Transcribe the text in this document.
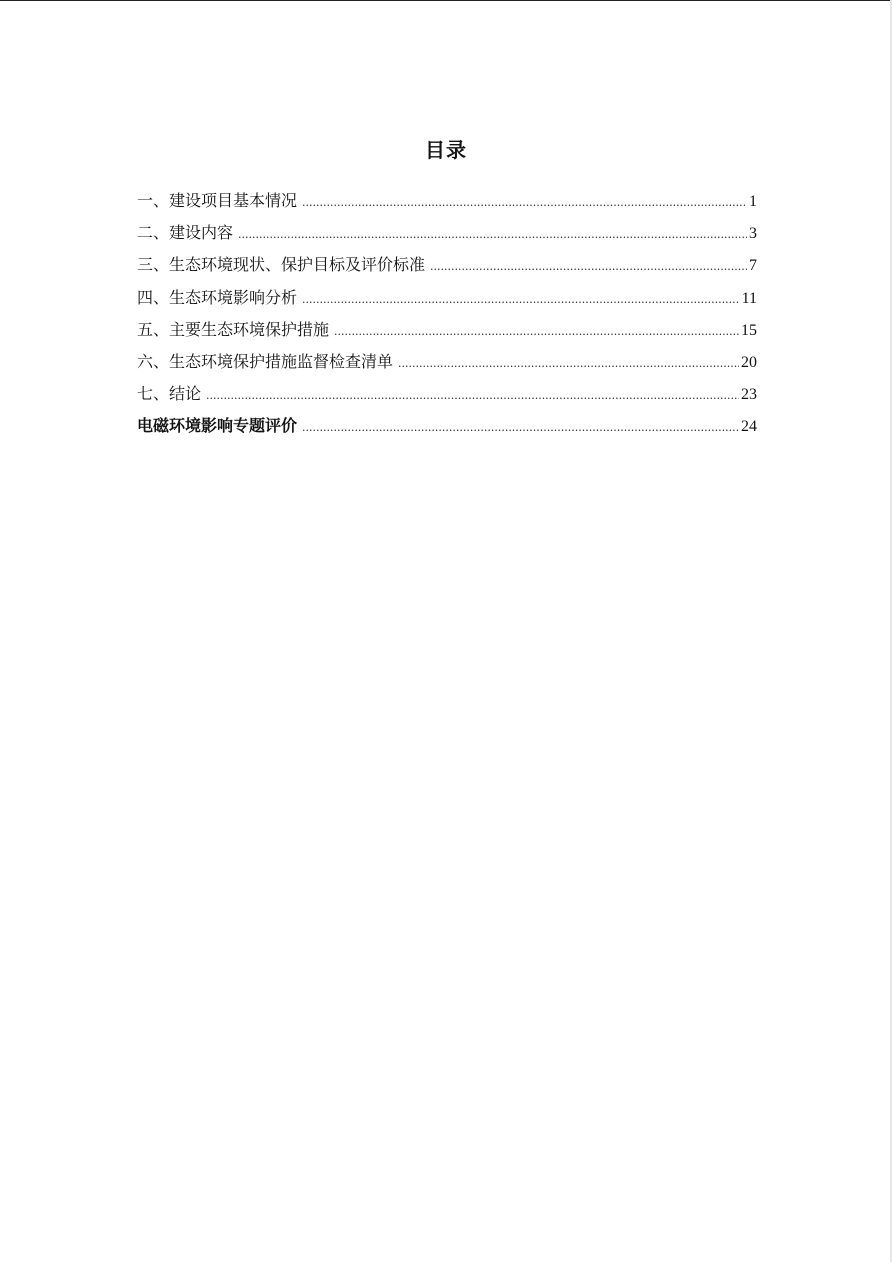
目录
一、建设项目基本情况 .....	1
二、建设内容 .....	3
三、生态环境现状、保护目标及评价标准 .....	7
四、生态环境影响分析 .....	11
五、主要生态环境保护措施 .....	15
六、生态环境保护措施监督检查清单 .....	20
七、结论 .....	23
电磁环境影响专题评价 .....	24
